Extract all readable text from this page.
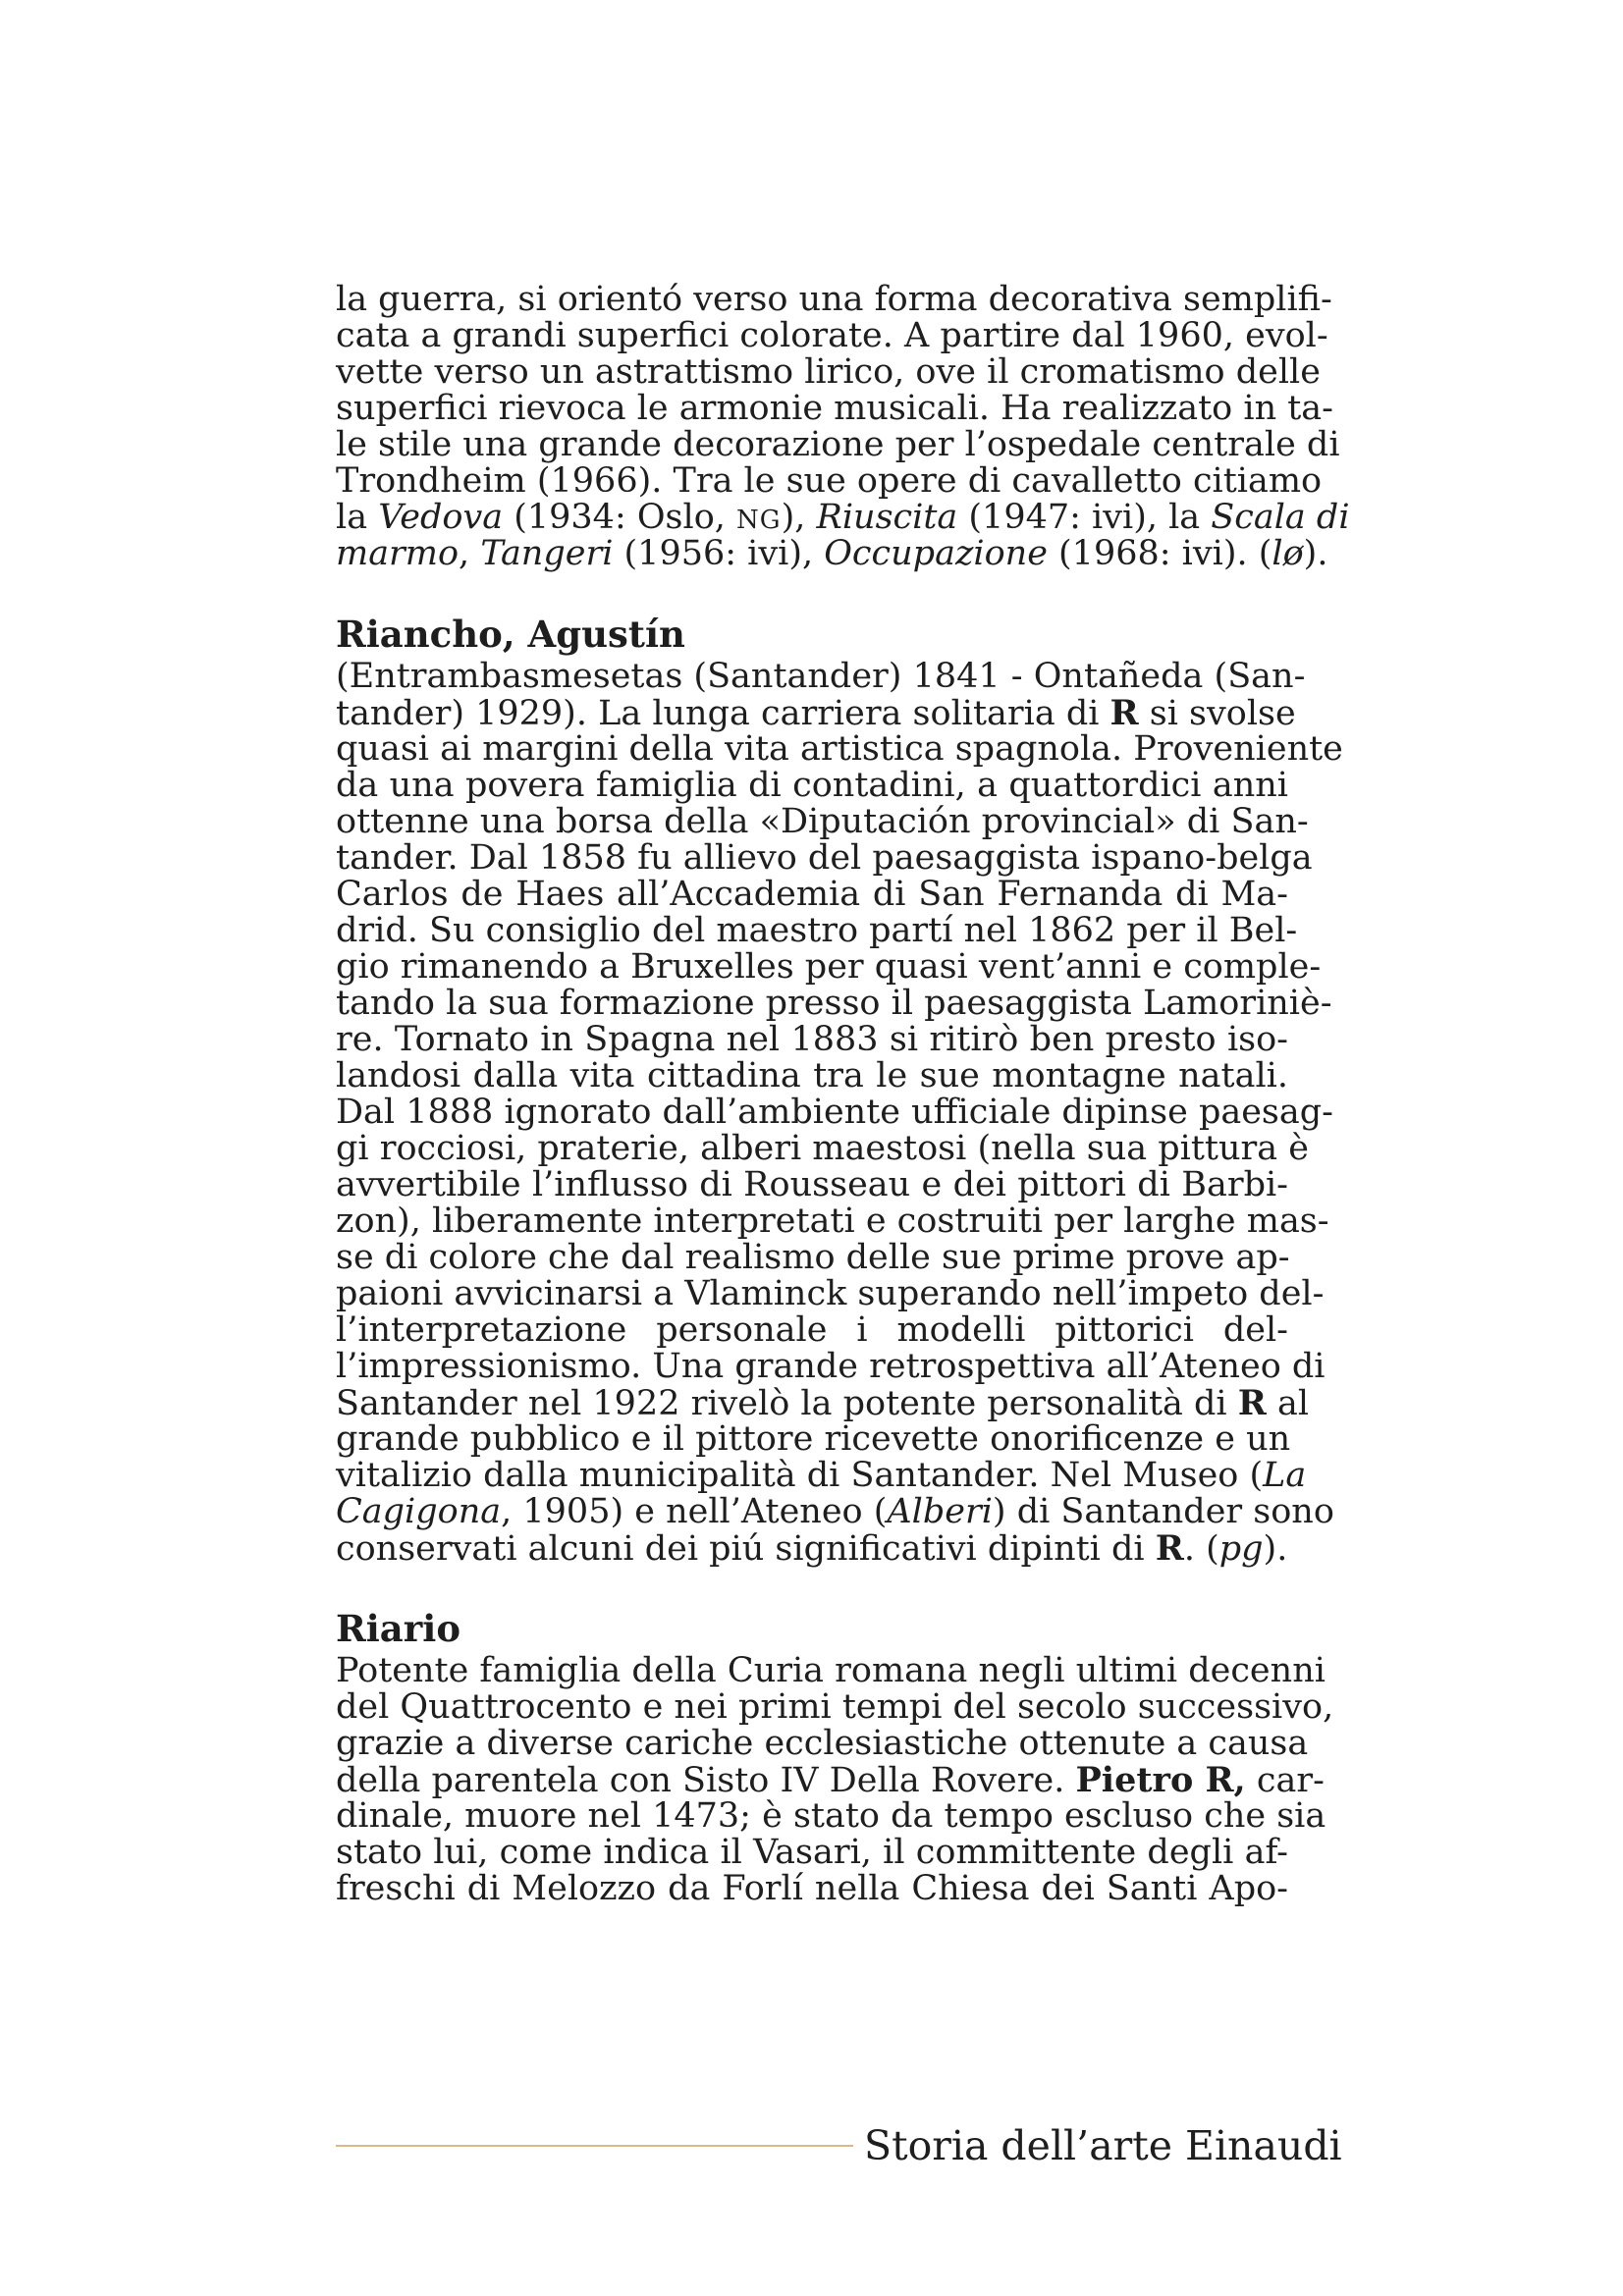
la guerra, si orientó verso una forma decorativa semplifi-
cata a grandi superfici colorate. A partire dal 1960, evol-
vette verso un astrattismo lirico, ove il cromatismo delle
superfici rievoca le armonie musicali. Ha realizzato in ta-
le stile una grande decorazione per l’ospedale centrale di
Trondheim (1966). Tra le sue opere di cavalletto citiamo
la Vedova (1934: Oslo, NG), Riuscita (1947: ivi), la Scala di
marmo, Tangeri (1956: ivi), Occupazione (1968: ivi). (lø).
Riancho, Agustín
(Entrambasmesetas (Santander) 1841 - Ontañeda (San-
tander) 1929). La lunga carriera solitaria di R si svolse
quasi ai margini della vita artistica spagnola. Proveniente
da una povera famiglia di contadini, a quattordici anni
ottenne una borsa della «Diputación provincial» di San-
tander. Dal 1858 fu allievo del paesaggista ispano-belga
Carlos de Haes all’Accademia di San Fernanda di Ma-
drid. Su consiglio del maestro partí nel 1862 per il Bel-
gio rimanendo a Bruxelles per quasi vent’anni e comple-
tando la sua formazione presso il paesaggista Lamoriniè-
re. Tornato in Spagna nel 1883 si ritirò ben presto iso-
landosi dalla vita cittadina tra le sue montagne natali.
Dal 1888 ignorato dall’ambiente ufficiale dipinse paesag-
gi rocciosi, praterie, alberi maestosi (nella sua pittura è
avvertibile l’influsso di Rousseau e dei pittori di Barbi-
zon), liberamente interpretati e costruiti per larghe mas-
se di colore che dal realismo delle sue prime prove ap-
paioni avvicinarsi a Vlaminck superando nell’impeto del-
l’interpretazione personale i modelli pittorici del-
l’impressionismo. Una grande retrospettiva all’Ateneo di
Santander nel 1922 rivelò la potente personalità di R al
grande pubblico e il pittore ricevette onorificenze e un
vitalizio dalla municipalità di Santander. Nel Museo (La
Cagigona, 1905) e nell’Ateneo (Alberi) di Santander sono
conservati alcuni dei piú significativi dipinti di R. (pg).
Riario
Potente famiglia della Curia romana negli ultimi decenni
del Quattrocento e nei primi tempi del secolo successivo,
grazie a diverse cariche ecclesiastiche ottenute a causa
della parentela con Sisto IV Della Rovere. Pietro R, car-
dinale, muore nel 1473; è stato da tempo escluso che sia
stato lui, come indica il Vasari, il committente degli af-
freschi di Melozzo da Forlí nella Chiesa dei Santi Apo-
Storia dell’arte Einaudi
